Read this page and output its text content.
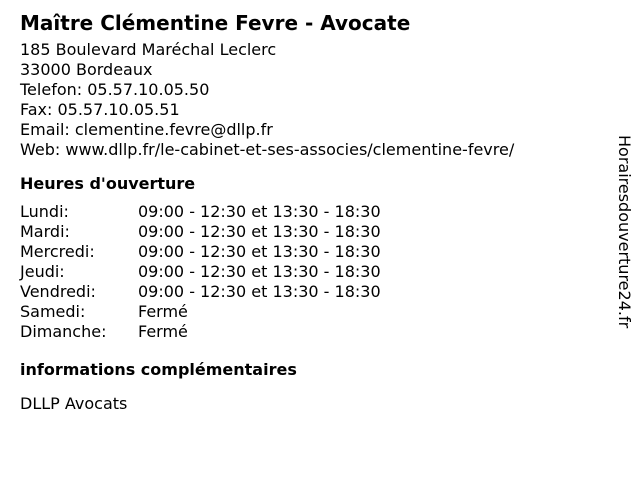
Maître Clémentine Fevre - Avocate
185 Boulevard Maréchal Leclerc
33000 Bordeaux
Telefon: 05.57.10.05.50
Fax: 05.57.10.05.51
Email: clementine.fevre@dllp.fr
Web: www.dllp.fr/le-cabinet-et-ses-associes/clementine-fevre/
Heures d'ouverture
Lundi:	09:00 - 12:30 et 13:30 - 18:30
Mardi:	09:00 - 12:30 et 13:30 - 18:30
Mercredi:	09:00 - 12:30 et 13:30 - 18:30
Jeudi:	09:00 - 12:30 et 13:30 - 18:30
Vendredi:	09:00 - 12:30 et 13:30 - 18:30
Samedi:	Fermé
Dimanche:	Fermé
informations complémentaires
DLLP Avocats
Horairesdouverture24.fr
